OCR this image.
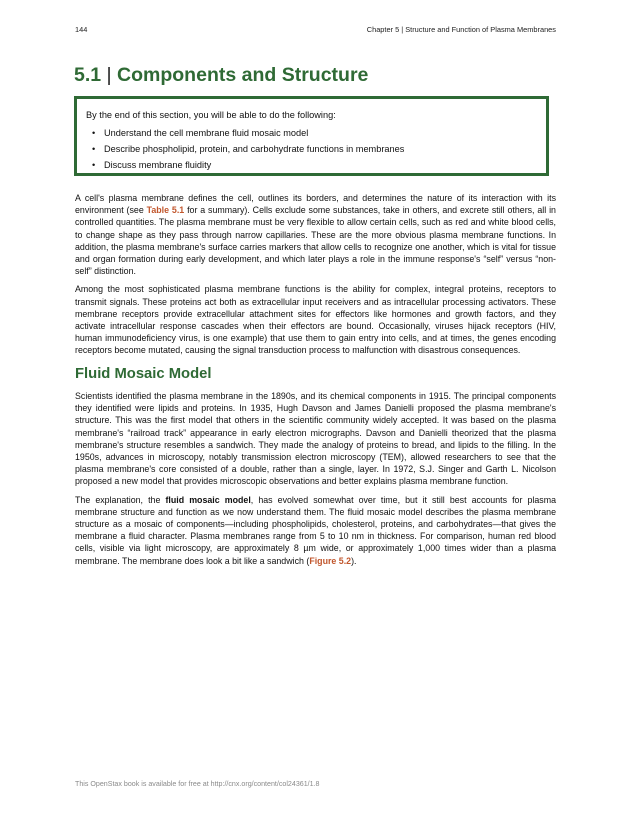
144	Chapter 5 | Structure and Function of Plasma Membranes
5.1 | Components and Structure
By the end of this section, you will be able to do the following:
• Understand the cell membrane fluid mosaic model
• Describe phospholipid, protein, and carbohydrate functions in membranes
• Discuss membrane fluidity

A cell's plasma membrane defines the cell, outlines its borders, and determines the nature of its interaction with its environment (see Table 5.1 for a summary). Cells exclude some substances, take in others, and excrete still others, all in controlled quantities. The plasma membrane must be very flexible to allow certain cells, such as red and white blood cells, to change shape as they pass through narrow capillaries. These are the more obvious plasma membrane functions. In addition, the plasma membrane's surface carries markers that allow cells to recognize one another, which is vital for tissue and organ formation during early development, and which later plays a role in the immune response's “self” versus “non-self” distinction.

Among the most sophisticated plasma membrane functions is the ability for complex, integral proteins, receptors to transmit signals. These proteins act both as extracellular input receivers and as intracellular processing activators. These membrane receptors provide extracellular attachment sites for effectors like hormones and growth factors, and they activate intracellular response cascades when their effectors are bound. Occasionally, viruses hijack receptors (HIV, human immunodeficiency virus, is one example) that use them to gain entry into cells, and at times, the genes encoding receptors become mutated, causing the signal transduction process to malfunction with disastrous consequences.

Fluid Mosaic Model

Scientists identified the plasma membrane in the 1890s, and its chemical components in 1915. The principal components they identified were lipids and proteins. In 1935, Hugh Davson and James Danielli proposed the plasma membrane's structure. This was the first model that others in the scientific community widely accepted. It was based on the plasma membrane's “railroad track” appearance in early electron micrographs. Davson and Danielli theorized that the plasma membrane's structure resembles a sandwich. They made the analogy of proteins to bread, and lipids to the filling. In the 1950s, advances in microscopy, notably transmission electron microscopy (TEM), allowed researchers to see that the plasma membrane's core consisted of a double, rather than a single, layer. In 1972, S.J. Singer and Garth L. Nicolson proposed a new model that provides microscopic observations and better explains plasma membrane function.

The explanation, the fluid mosaic model, has evolved somewhat over time, but it still best accounts for plasma membrane structure and function as we now understand them. The fluid mosaic model describes the plasma membrane structure as a mosaic of components—including phospholipids, cholesterol, proteins, and carbohydrates—that gives the membrane a fluid character. Plasma membranes range from 5 to 10 nm in thickness. For comparison, human red blood cells, visible via light microscopy, are approximately 8 µm wide, or approximately 1,000 times wider than a plasma membrane. The membrane does look a bit like a sandwich (Figure 5.2).

This OpenStax book is available for free at http://cnx.org/content/col24361/1.8
